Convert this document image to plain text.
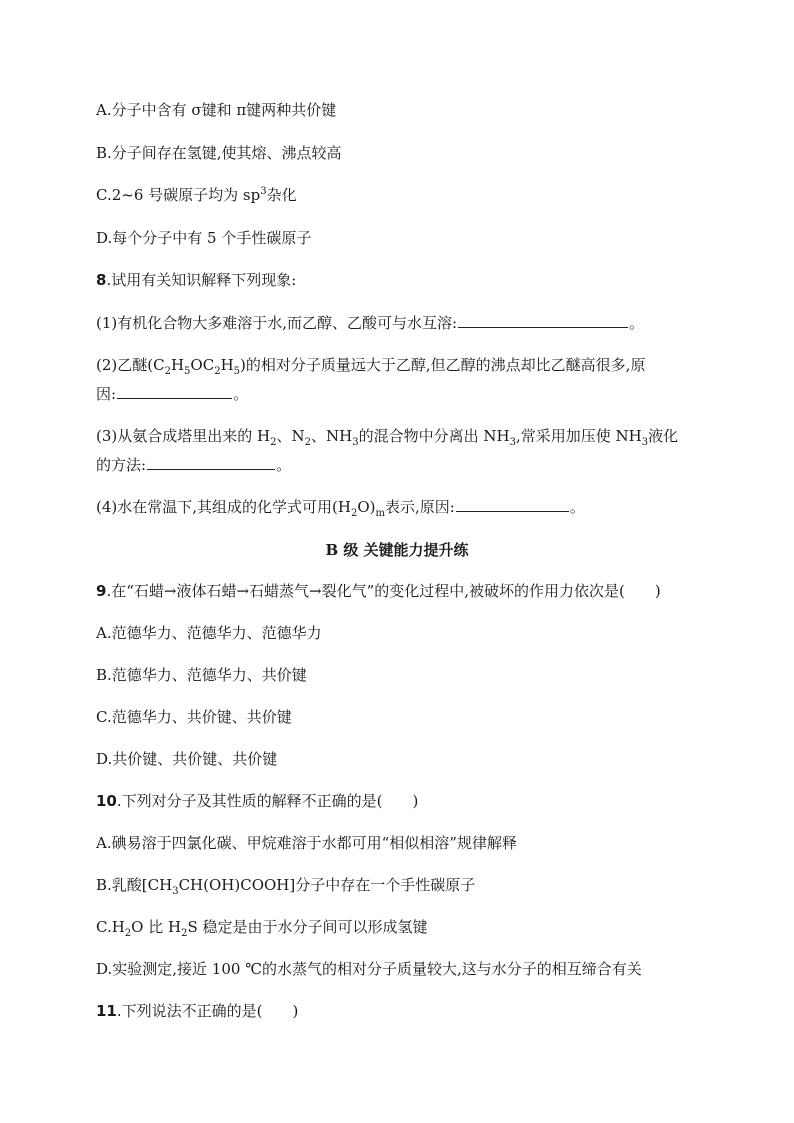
A.分子中含有 σ键和 π键两种共价键
B.分子间存在氢键,使其熔、沸点较高
C.2~6 号碳原子均为 $sp^3$杂化
D.每个分子中有 5 个手性碳原子
8.试用有关知识解释下列现象:
(1)有机化合物大多难溶于水,而乙醇、乙酸可与水互溶:	。
(2)乙醚$(C_2H_5OC_2H_5)$的相对分子质量远大于乙醇,但乙醇的沸点却比乙醚高很多,原
因:	。
(3)从氨合成塔里出来的 $H_2$、$N_2$、$NH_3$的混合物中分离出 $NH_3$,常采用加压使 $NH_3$液化
的方法:	。
(4)水在常温下,其组成的化学式可用$(H_2O)_m$表示,原因:	。
B 级 关键能力提升练
9.在“石蜡→液体石蜡→石蜡蒸气→裂化气”的变化过程中,被破坏的作用力依次是(　　)
A.范德华力、范德华力、范德华力
B.范德华力、范德华力、共价键
C.范德华力、共价键、共价键
D.共价键、共价键、共价键
10.下列对分子及其性质的解释不正确的是(　　)
A.碘易溶于四氯化碳、甲烷难溶于水都可用“相似相溶”规律解释
B.乳酸$[CH_3CH(OH)COOH]$分子中存在一个手性碳原子
$C.H_2O$ 比 $H_2S$ 稳定是由于水分子间可以形成氢键
D.实验测定,接近 100 ℃的水蒸气的相对分子质量较大,这与水分子的相互缔合有关
11.下列说法不正确的是(　　)
